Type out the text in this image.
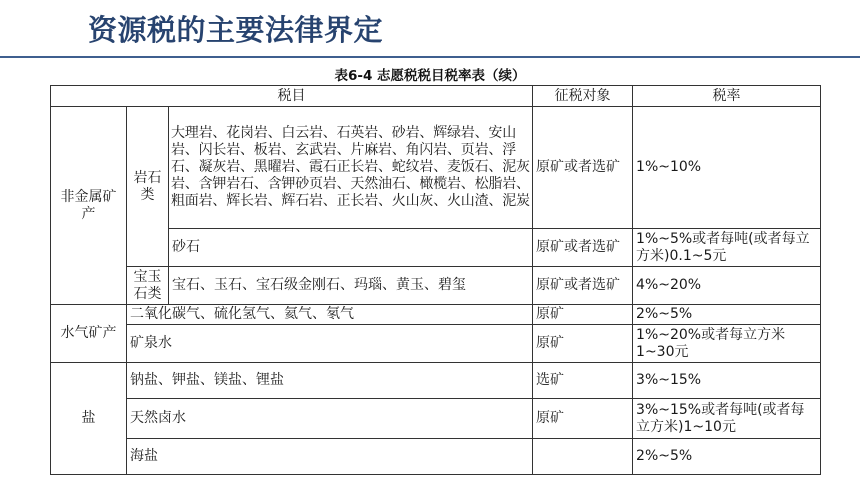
资源税的主要法律界定
表6-4 志愿税税目税率表（续）
税目			征税对象	税率
非金属矿产	岩石类	大理岩、花岗岩、白云岩、石英岩、砂岩、辉绿岩、安山岩、闪长岩、板岩、玄武岩、片麻岩、角闪岩、页岩、浮石、凝灰岩、黑曜岩、霞石正长岩、蛇纹岩、麦饭石、泥灰岩、含钾岩石、含钾砂页岩、天然油石、橄榄岩、松脂岩、粗面岩、辉长岩、辉石岩、正长岩、火山灰、火山渣、泥炭	原矿或者选矿	1%~10%
		砂石	原矿或者选矿	1%~5%或者每吨(或者每立方米)0.1~5元
	宝玉石类	宝石、玉石、宝石级金刚石、玛瑙、黄玉、碧玺	原矿或者选矿	4%~20%
水气矿产	二氧化碳气、硫化氢气、氦气、氡气		原矿	2%~5%
	矿泉水		原矿	1%~20%或者每立方米1~30元
盐	钠盐、钾盐、镁盐、锂盐		选矿	3%~15%
	天然卤水		原矿	3%~15%或者每吨(或者每立方米)1~10元
	海盐			2%~5%
